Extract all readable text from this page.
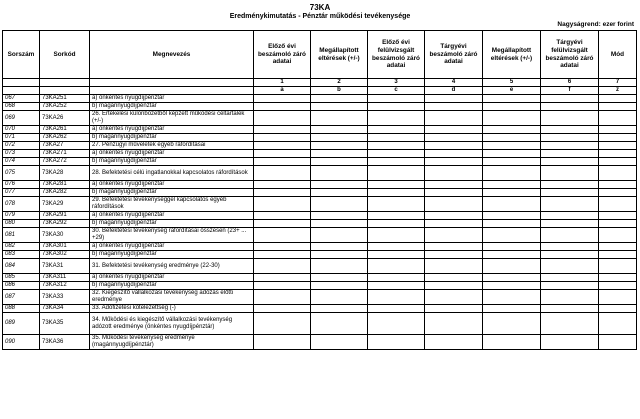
73KA
Eredménykimutatás - Pénztár működési tevékenysége
Nagyságrend: ezer forint
Sorszám	Sorkód	Megnevezés	Előző évi beszámoló záró adatai	Megállapított eltérések (+/-)	Előző évi felülvizsgált beszámoló záró adatai	Tárgyévi beszámoló záró adatai	Megállapított eltérések (+/-)	Tárgyévi felülvizsgált beszámoló záró adatai	Mód
			1	2	3	4	5	6	7
			a	b	c	d	e	f	z
067	73KA251	a) önkéntes nyugdíjpénztár							
068	73KA252	b) magánnyugdíjpénztár							
069	73KA26	26. Értékelési különbözetből képzett működési céltartalék (+/-)							
070	73KA261	a) önkéntes nyugdíjpénztár							
071	73KA262	b) magánnyugdíjpénztár							
072	73KA27	27. Pénzügyi műveletek egyéb ráfordításai							
073	73KA271	a) önkéntes nyugdíjpénztár							
074	73KA272	b) magánnyugdíjpénztár							
075	73KA28	28. Befektetési célú ingatlanokkal kapcsolatos ráfordítások							
076	73KA281	a) önkéntes nyugdíjpénztár							
077	73KA282	b) magánnyugdíjpénztár							
078	73KA29	29. Befektetési tevékenységgel kapcsolatos egyéb ráfordítások							
079	73KA291	a) önkéntes nyugdíjpénztár							
080	73KA292	b) magánnyugdíjpénztár							
081	73KA30	30. Befektetési tevékenység ráfordításai összesen (23+ ... +29)							
082	73KA301	a) önkéntes nyugdíjpénztár							
083	73KA302	b) magánnyugdíjpénztár							
084	73KA31	31. Befektetési tevékenység eredménye (22-30)							
085	73KA311	a) önkéntes nyugdíjpénztár							
086	73KA312	b) magánnyugdíjpénztár							
087	73KA33	32. Kiegészítő vállalkozási tevékenység adózás előtti eredménye							
088	73KA34	33. Adófizetési kötelezettség (-)							
089	73KA35	34. Működési és kiegészítő vállalkozási tevékenység adózott eredménye (önkéntes nyugdíjpénztár)							
090	73KA36	35. Működési tevékenység eredménye (magánnyugdíjpénztár)							
